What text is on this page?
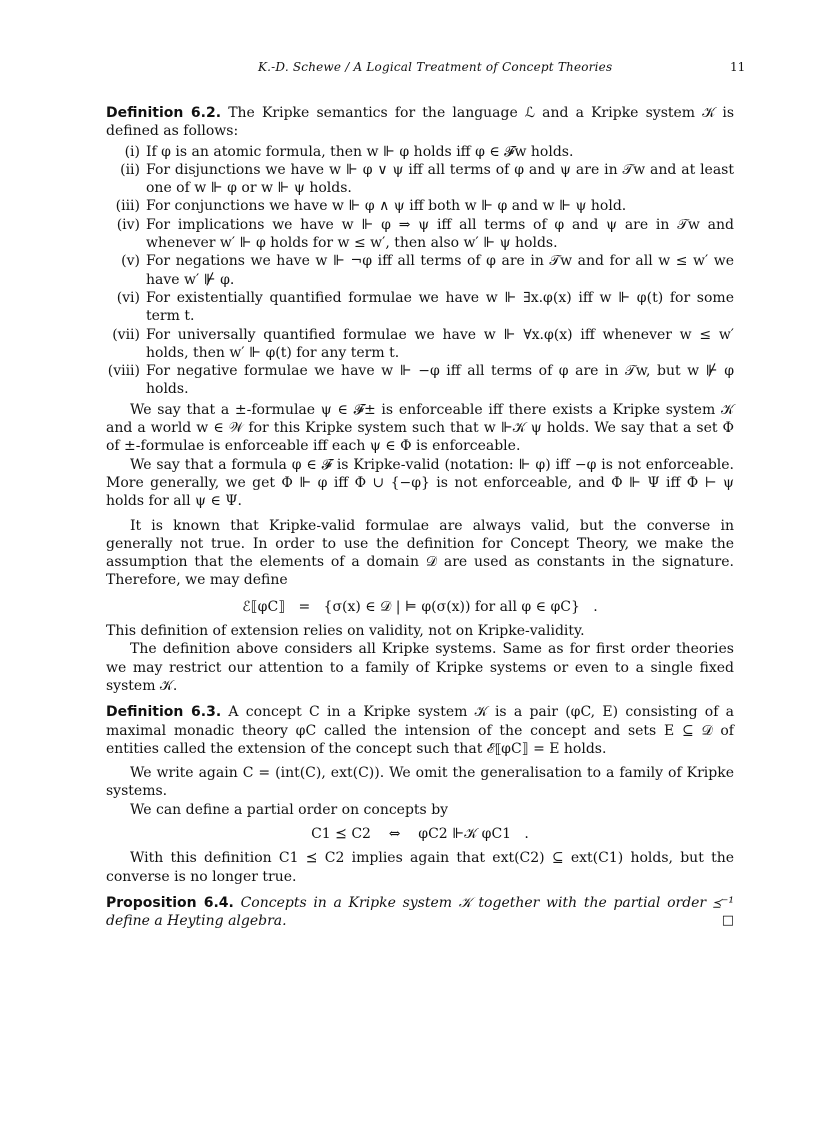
K.-D. Schewe / A Logical Treatment of Concept Theories	11

Definition 6.2. The Kripke semantics for the language ℒ and a Kripke system 𝒦 is defined as follows:

(i) If φ is an atomic formula, then w ⊩ φ holds iff φ ∈ 𝓕w holds.
(ii) For disjunctions we have w ⊩ φ ∨ ψ iff all terms of φ and ψ are in 𝒯w and at least one of w ⊩ φ or w ⊩ ψ holds.
(iii) For conjunctions we have w ⊩ φ ∧ ψ iff both w ⊩ φ and w ⊩ ψ hold.
(iv) For implications we have w ⊩ φ ⇒ ψ iff all terms of φ and ψ are in 𝒯w and whenever w′ ⊩ φ holds for w ≤ w′, then also w′ ⊩ ψ holds.
(v) For negations we have w ⊩ ¬φ iff all terms of φ are in 𝒯w and for all w ≤ w′ we have w′ ⊮ φ.
(vi) For existentially quantified formulae we have w ⊩ ∃x.φ(x) iff w ⊩ φ(t) for some term t.
(vii) For universally quantified formulae we have w ⊩ ∀x.φ(x) iff whenever w ≤ w′ holds, then w′ ⊩ φ(t) for any term t.
(viii) For negative formulae we have w ⊩ −φ iff all terms of φ are in 𝒯w, but w ⊮ φ holds.

We say that a ±-formulae ψ ∈ 𝓕± is enforceable iff there exists a Kripke system 𝒦 and a world w ∈ 𝒲 for this Kripke system such that w ⊩𝒦 ψ holds. We say that a set Φ of ±-formulae is enforceable iff each ψ ∈ Φ is enforceable.

We say that a formula φ ∈ 𝓕 is Kripke-valid (notation: ⊩ φ) iff −φ is not enforceable. More generally, we get Φ ⊩ φ iff Φ ∪ {−φ} is not enforceable, and Φ ⊩ Ψ iff Φ ⊢ ψ holds for all ψ ∈ Ψ.

It is known that Kripke-valid formulae are always valid, but the converse in generally not true. In order to use the definition for Concept Theory, we make the assumption that the elements of a domain 𝒟 are used as constants in the signature. Therefore, we may define

ℰ⟦φC⟧   =   {σ(x) ∈ 𝒟 | ⊨ φ(σ(x)) for all φ ∈ φC}   .

This definition of extension relies on validity, not on Kripke-validity.

The definition above considers all Kripke systems. Same as for first order theories we may restrict our attention to a family of Kripke systems or even to a single fixed system 𝒦.

Definition 6.3. A concept C in a Kripke system 𝒦 is a pair (φC, E) consisting of a maximal monadic theory φC called the intension of the concept and sets E ⊆ 𝒟 of entities called the extension of the concept such that ℰ⟦φC⟧ = E holds.

We write again C = (int(C), ext(C)). We omit the generalisation to a family of Kripke systems.

We can define a partial order on concepts by

C1 ⪯ C2    ⇔    φC2 ⊩𝒦 φC1   .

With this definition C1 ⪯ C2 implies again that ext(C2) ⊆ ext(C1) holds, but the converse is no longer true.

Proposition 6.4. Concepts in a Kripke system 𝒦 together with the partial order ⪯⁻¹ define a Heyting algebra.	□
